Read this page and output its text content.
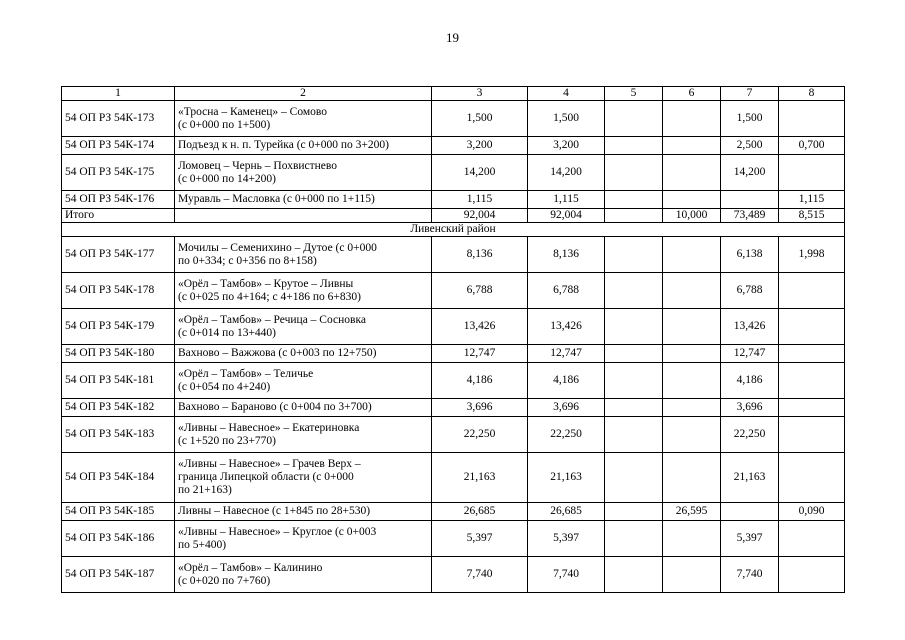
19
1	2	3	4	5	6	7	8
54 ОП РЗ 54К-173	«Тросна – Каменец» – Сомово
(с 0+000 по 1+500)	1,500	1,500			1,500	
54 ОП РЗ 54К-174	Подъезд к н. п. Турейка (с 0+000 по 3+200)	3,200	3,200			2,500	0,700
54 ОП РЗ 54К-175	Ломовец – Чернь – Похвистнево
(с 0+000 по 14+200)	14,200	14,200			14,200	
54 ОП РЗ 54К-176	Муравль – Масловка (с 0+000 по 1+115)	1,115	1,115				1,115
Итого		92,004	92,004		10,000	73,489	8,515
Ливенский район							
54 ОП РЗ 54К-177	Мочилы – Семенихино – Дутое (с 0+000
по 0+334; с 0+356 по 8+158)	8,136	8,136			6,138	1,998
54 ОП РЗ 54К-178	«Орёл – Тамбов» – Крутое – Ливны
(с 0+025 по 4+164; с 4+186 по 6+830)	6,788	6,788			6,788	
54 ОП РЗ 54К-179	«Орёл – Тамбов» – Речица – Сосновка
(с 0+014 по 13+440)	13,426	13,426			13,426	
54 ОП РЗ 54К-180	Вахново – Важжова (с 0+003 по 12+750)	12,747	12,747			12,747	
54 ОП РЗ 54К-181	«Орёл – Тамбов» – Теличье
(с 0+054 по 4+240)	4,186	4,186			4,186	
54 ОП РЗ 54К-182	Вахново – Бараново (с 0+004 по 3+700)	3,696	3,696			3,696	
54 ОП РЗ 54К-183	«Ливны – Навесное» – Екатериновка
(с 1+520 по 23+770)	22,250	22,250			22,250	
54 ОП РЗ 54К-184	«Ливны – Навесное» – Грачев Верх –
граница Липецкой области (с 0+000
по 21+163)	21,163	21,163			21,163	
54 ОП РЗ 54К-185	Ливны – Навесное (с 1+845 по 28+530)	26,685	26,685		26,595		0,090
54 ОП РЗ 54К-186	«Ливны – Навесное» – Круглое (с 0+003
по 5+400)	5,397	5,397			5,397	
54 ОП РЗ 54К-187	«Орёл – Тамбов» – Калинино
(с 0+020 по 7+760)	7,740	7,740			7,740	
